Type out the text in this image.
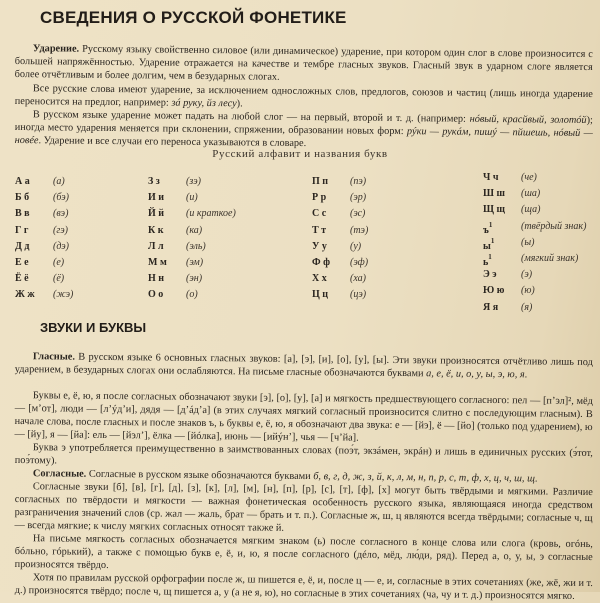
СВЕДЕНИЯ О РУССКОЙ ФОНЕТИКЕ
Ударение. Русскому языку свойственно силовое (или динамическое) ударение, при котором один слог в слове произносится с большей напряжённостью. Ударение отражается на качестве и тембре гласных звуков. Гласный звук в ударном слоге является более отчётливым и более долгим, чем в безударных слогах.
Все русские слова имеют ударение, за исключением односложных слов, предлогов, союзов и частиц (лишь иногда ударение переносится на предлог, например: зá руку, йз лесу).
В русском языке ударение может падать на любой слог — на первый, второй и т. д. (например: нóвый, красйвый, золотóй); иногда место ударения меняется при склонении, спряжении, образовании новых форм: рýки — рукáм, пишý — пйшешь, нóвый — новéе. Ударение и все случаи его переноса указываются в словаре.
Русский алфавит и названия букв
А а	(а)
Б б	(бэ)
В в	(вэ)
Г г	(гэ)
Д д	(дэ)
Е е	(е)
Ё ё	(ё)
Ж ж	(жэ)
З з	(зэ)
И и	(и)
Й й	(и краткое)
К к	(ка)
Л л	(эль)
М м	(эм)
Н н	(эн)
О о	(о)
П п	(пэ)
Р р	(эр)
С с	(эс)
Т т	(тэ)
У у	(у)
Ф ф	(эф)
Х х	(ха)
Ц ц	(цэ)
Ч ч	(че)
Ш ш	(ша)
Щ щ	(ща)
$ъ^1$	(твёрдый знак)
$ы^1$	(ы)
$ь^1$	(мягкий знак)
Э э	(э)
Ю ю	(ю)
Я я	(я)
ЗВУКИ И БУКВЫ
Гласные. В русском языке 6 основных гласных звуков: [а], [э], [и], [о], [у], [ы]. Эти звуки произносятся отчётливо лишь под ударением, в безударных слогах они ослабляются. На письме гласные обозначаются буквами а, е, ё, и, о, у, ы, э, ю, я.
Буквы е, ё, ю, я после согласных обозначают звуки [э], [о], [у], [а] и мягкость предшествующего согласного: пел — [пʼэл]², мёд — [мʼот], люди — [лʼýдʼи], дядя — [дʼáдʼа] (в этих случаях мягкий согласный произносится слитно с последующим гласным). В начале слова, после гласных и после знаков ъ, ь буквы е, ё, ю, я обозначают два звука: е — [йэ], ё — [йо] (только под ударением), ю — [йу], я — [йа]: ель — [йэлʼ], ёлка — [йóлка], июнь — [ийýнʼ], чья — [чʼйа].
Буква э употребляется преимущественно в заимствованных словах (поэ́т, экзáмен, экрáн) и лишь в единичных русских (э́тот, поэ́тому).
Согласные. Согласные в русском языке обозначаются буквами б, в, г, д, ж, з, й, к, л, м, н, п, р, с, т, ф, х, ц, ч, ш, щ.
Согласные звуки [б], [в], [г], [д], [з], [к], [л], [м], [н], [п], [р], [с], [т], [ф], [х] могут быть твёрдыми и мягкими. Различие согласных по твёрдости и мягкости — важная фонетическая особенность русского языка, являющаяся иногда средством разграничения значений слов (ср. жал — жаль, брат — брать и т. п.). Согласные ж, ш, ц являются всегда твёрдыми; согласные ч, щ — всегда мягкие; к числу мягких согласных относят также й.
На письме мягкость согласных обозначается мягким знаком (ь) после согласного в конце слова или слога (кровь, огóнь, бóльно, гóрький), а также с помощью букв е, ё, и, ю, я после согласного (дéло, мёд, лю́ди, ряд). Перед а, о, у, ы, э согласные произносятся твёрдо.
Хотя по правилам русской орфографии после ж, ш пишется е, ё, и, после ц — е, и, согласные в этих сочетаниях (же, жё, жи и т. д.) произносятся твёрдо; после ч, щ пишется а, у (а не я, ю), но согласные в этих сочетаниях (ча, чу и т. д.) произносятся мягко.
